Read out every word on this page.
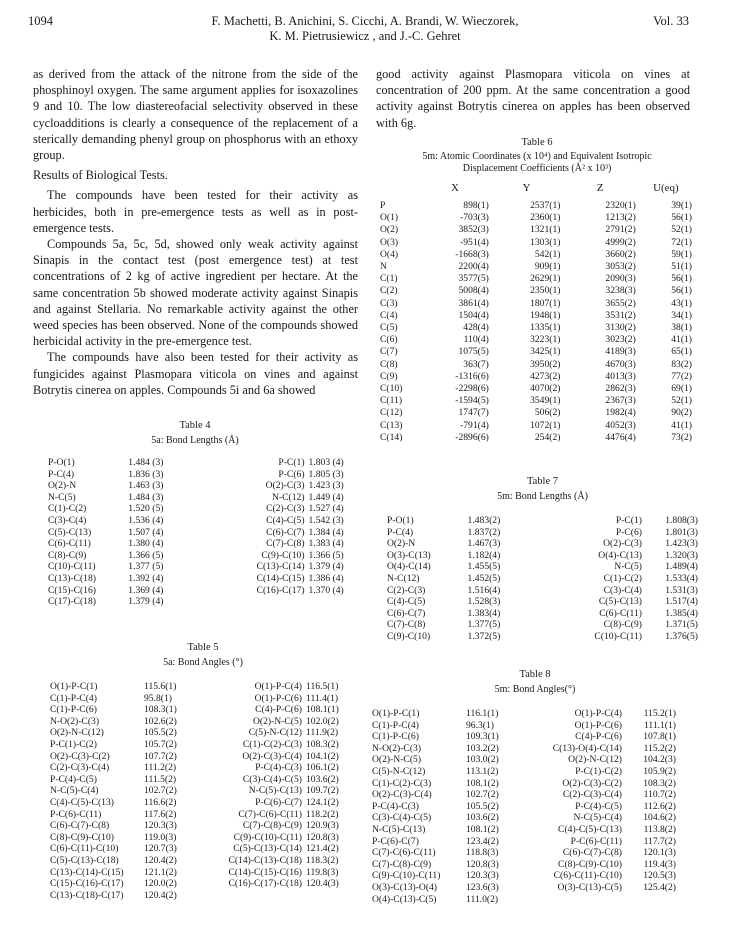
1094	F. Machetti, B. Anichini, S. Cicchi, A. Brandi, W. Wieczorek,
K. M. Pietrusiewicz , and J.-C. Gehret
Vol. 33

as derived from the attack of the nitrone from the side of the phosphinoyl oxygen. The same argument applies for isoxazolines 9 and 10. The low diastereofacial selectivity observed in these cycloadditions is clearly a consequence of the replacement of a sterically demanding phenyl group on phosphorus with an ethoxy group.

Results of Biological Tests.

The compounds have been tested for their activity as herbicides, both in pre-emergence tests as well as in post-emergence tests.

Compounds 5a, 5c, 5d, showed only weak activity against Sinapis in the contact test (post emergence test) at test concentrations of 2 kg of active ingredient per hectare. At the same concentration 5b showed moderate activity against Sinapis and against Stellaria. No remarkable activity against the other weed species has been observed. None of the compounds showed herbicidal activity in the pre-emergence test.

The compounds have also been tested for their activity as fungicides against Plasmopara viticola on vines and against Botrytis cinerea on apples. Compounds 5i and 6a showed

Table 4
5a: Bond Lengths (Å)
P-O(1)	1.484 (3)	P-C(1)	1.803 (4)
P-C(4)	1.836 (3)	P-C(6)	1.805 (3)
O(2)-N	1.463 (3)	O(2)-C(3)	1.423 (3)
N-C(5)	1.484 (3)	N-C(12)	1.449 (4)
C(1)-C(2)	1.520 (5)	C(2)-C(3)	1.527 (4)
C(3)-C(4)	1.536 (4)	C(4)-C(5)	1.542 (3)
C(5)-C(13)	1.507 (4)	C(6)-C(7)	1.384 (4)
C(6)-C(11)	1.380 (4)	C(7)-C(8)	1.383 (4)
C(8)-C(9)	1.366 (5)	C(9)-C(10)	1.366 (5)
C(10)-C(11)	1.377 (5)	C(13)-C(14)	1.379 (4)
C(13)-C(18)	1.392 (4)	C(14)-C(15)	1.386 (4)
C(15)-C(16)	1.369 (4)	C(16)-C(17)	1.370 (4)
C(17)-C(18)	1.379 (4)		
Table 5
5a: Bond Angles (°)
O(1)-P-C(1)	115.6(1)	O(1)-P-C(4)	116.5(1)
C(1)-P-C(4)	95.8(1)	O(1)-P-C(6)	111.4(1)
C(1)-P-C(6)	108.3(1)	C(4)-P-C(6)	108.1(1)
N-O(2)-C(3)	102.6(2)	O(2)-N-C(5)	102.0(2)
O(2)-N-C(12)	105.5(2)	C(5)-N-C(12)	111.9(2)
P-C(1)-C(2)	105.7(2)	C(1)-C(2)-C(3)	108.3(2)
O(2)-C(3)-C(2)	107.7(2)	O(2)-C(3)-C(4)	104.1(2)
C(2)-C(3)-C(4)	111.2(2)	P-C(4)-C(3)	106.1(2)
P-C(4)-C(5)	111.5(2)	C(3)-C(4)-C(5)	103.6(2)
N-C(5)-C(4)	102.7(2)	N-C(5)-C(13)	109.7(2)
C(4)-C(5)-C(13)	116.6(2)	P-C(6)-C(7)	124.1(2)
P-C(6)-C(11)	117.6(2)	C(7)-C(6)-C(11)	118.2(2)
C(6)-C(7)-C(8)	120.3(3)	C(7)-C(8)-C(9)	120.9(3)
C(8)-C(9)-C(10)	119.0(3)	C(9)-C(10)-C(11)	120.8(3)
C(6)-C(11)-C(10)	120.7(3)	C(5)-C(13)-C(14)	121.4(2)
C(5)-C(13)-C(18)	120.4(2)	C(14)-C(13)-C(18)	118.3(2)
C(13)-C(14)-C(15)	121.1(2)	C(14)-C(15)-C(16)	119.8(3)
C(15)-C(16)-C(17)	120.0(2)	C(16)-C(17)-C(18)	120.4(3)
C(13)-C(18)-C(17)	120.4(2)		

good activity against Plasmopara viticola on vines at concentration of 200 ppm. At the same concentration a good activity against Botrytis cinerea on apples has been observed with 6g.

Table 6
5m: Atomic Coordinates (x 10⁴) and Equivalent Isotropic
Displacement Coefficients (Å² x 10³)
	X	Y	Z	U(eq)
P	898(1)	2537(1)	2320(1)	39(1)
O(1)	-703(3)	2360(1)	1213(2)	56(1)
O(2)	3852(3)	1321(1)	2791(2)	52(1)
O(3)	-951(4)	1303(1)	4999(2)	72(1)
O(4)	-1668(3)	542(1)	3660(2)	59(1)
N	2200(4)	909(1)	3053(2)	51(1)
C(1)	3577(5)	2629(1)	2090(3)	56(1)
C(2)	5008(4)	2350(1)	3238(3)	56(1)
C(3)	3861(4)	1807(1)	3655(2)	43(1)
C(4)	1504(4)	1948(1)	3531(2)	34(1)
C(5)	428(4)	1335(1)	3130(2)	38(1)
C(6)	110(4)	3223(1)	3023(2)	41(1)
C(7)	1075(5)	3425(1)	4189(3)	65(1)
C(8)	363(7)	3950(2)	4670(3)	83(2)
C(9)	-1316(6)	4273(2)	4013(3)	77(2)
C(10)	-2298(6)	4070(2)	2862(3)	69(1)
C(11)	-1594(5)	3549(1)	2367(3)	52(1)
C(12)	1747(7)	506(2)	1982(4)	90(2)
C(13)	-791(4)	1072(1)	4052(3)	41(1)
C(14)	-2896(6)	254(2)	4476(4)	73(2)
Table 7
5m: Bond Lengths (Å)
P-O(1)	1.483(2)	P-C(1)	1.808(3)
P-C(4)	1.837(2)	P-C(6)	1.801(3)
O(2)-N	1.467(3)	O(2)-C(3)	1.423(3)
O(3)-C(13)	1.182(4)	O(4)-C(13)	1.320(3)
O(4)-C(14)	1.455(5)	N-C(5)	1.489(4)
N-C(12)	1.452(5)	C(1)-C(2)	1.533(4)
C(2)-C(3)	1.516(4)	C(3)-C(4)	1.531(3)
C(4)-C(5)	1.528(3)	C(5)-C(13)	1.517(4)
C(6)-C(7)	1.383(4)	C(6)-C(11)	1.385(4)
C(7)-C(8)	1.377(5)	C(8)-C(9)	1.371(5)
C(9)-C(10)	1.372(5)	C(10)-C(11)	1.376(5)
Table 8
5m: Bond Angles(°)
O(1)-P-C(1)	116.1(1)	O(1)-P-C(4)	115.2(1)
C(1)-P-C(4)	96.3(1)	O(1)-P-C(6)	111.1(1)
C(1)-P-C(6)	109.3(1)	C(4)-P-C(6)	107.8(1)
N-O(2)-C(3)	103.2(2)	C(13)-O(4)-C(14)	115.2(2)
O(2)-N-C(5)	103.0(2)	O(2)-N-C(12)	104.2(3)
C(5)-N-C(12)	113.1(2)	P-C(1)-C(2)	105.9(2)
C(1)-C(2)-C(3)	108.1(2)	O(2)-C(3)-C(2)	108.3(2)
O(2)-C(3)-C(4)	102.7(2)	C(2)-C(3)-C(4)	110.7(2)
P-C(4)-C(3)	105.5(2)	P-C(4)-C(5)	112.6(2)
C(3)-C(4)-C(5)	103.6(2)	N-C(5)-C(4)	104.6(2)
N-C(5)-C(13)	108.1(2)	C(4)-C(5)-C(13)	113.8(2)
P-C(6)-C(7)	123.4(2)	P-C(6)-C(11)	117.7(2)
C(7)-C(6)-C(11)	118.8(3)	C(6)-C(7)-C(8)	120.1(3)
C(7)-C(8)-C(9)	120.8(3)	C(8)-C(9)-C(10)	119.4(3)
C(9)-C(10)-C(11)	120.3(3)	C(6)-C(11)-C(10)	120.5(3)
O(3)-C(13)-O(4)	123.6(3)	O(3)-C(13)-C(5)	125.4(2)
O(4)-C(13)-C(5)	111.0(2)		
